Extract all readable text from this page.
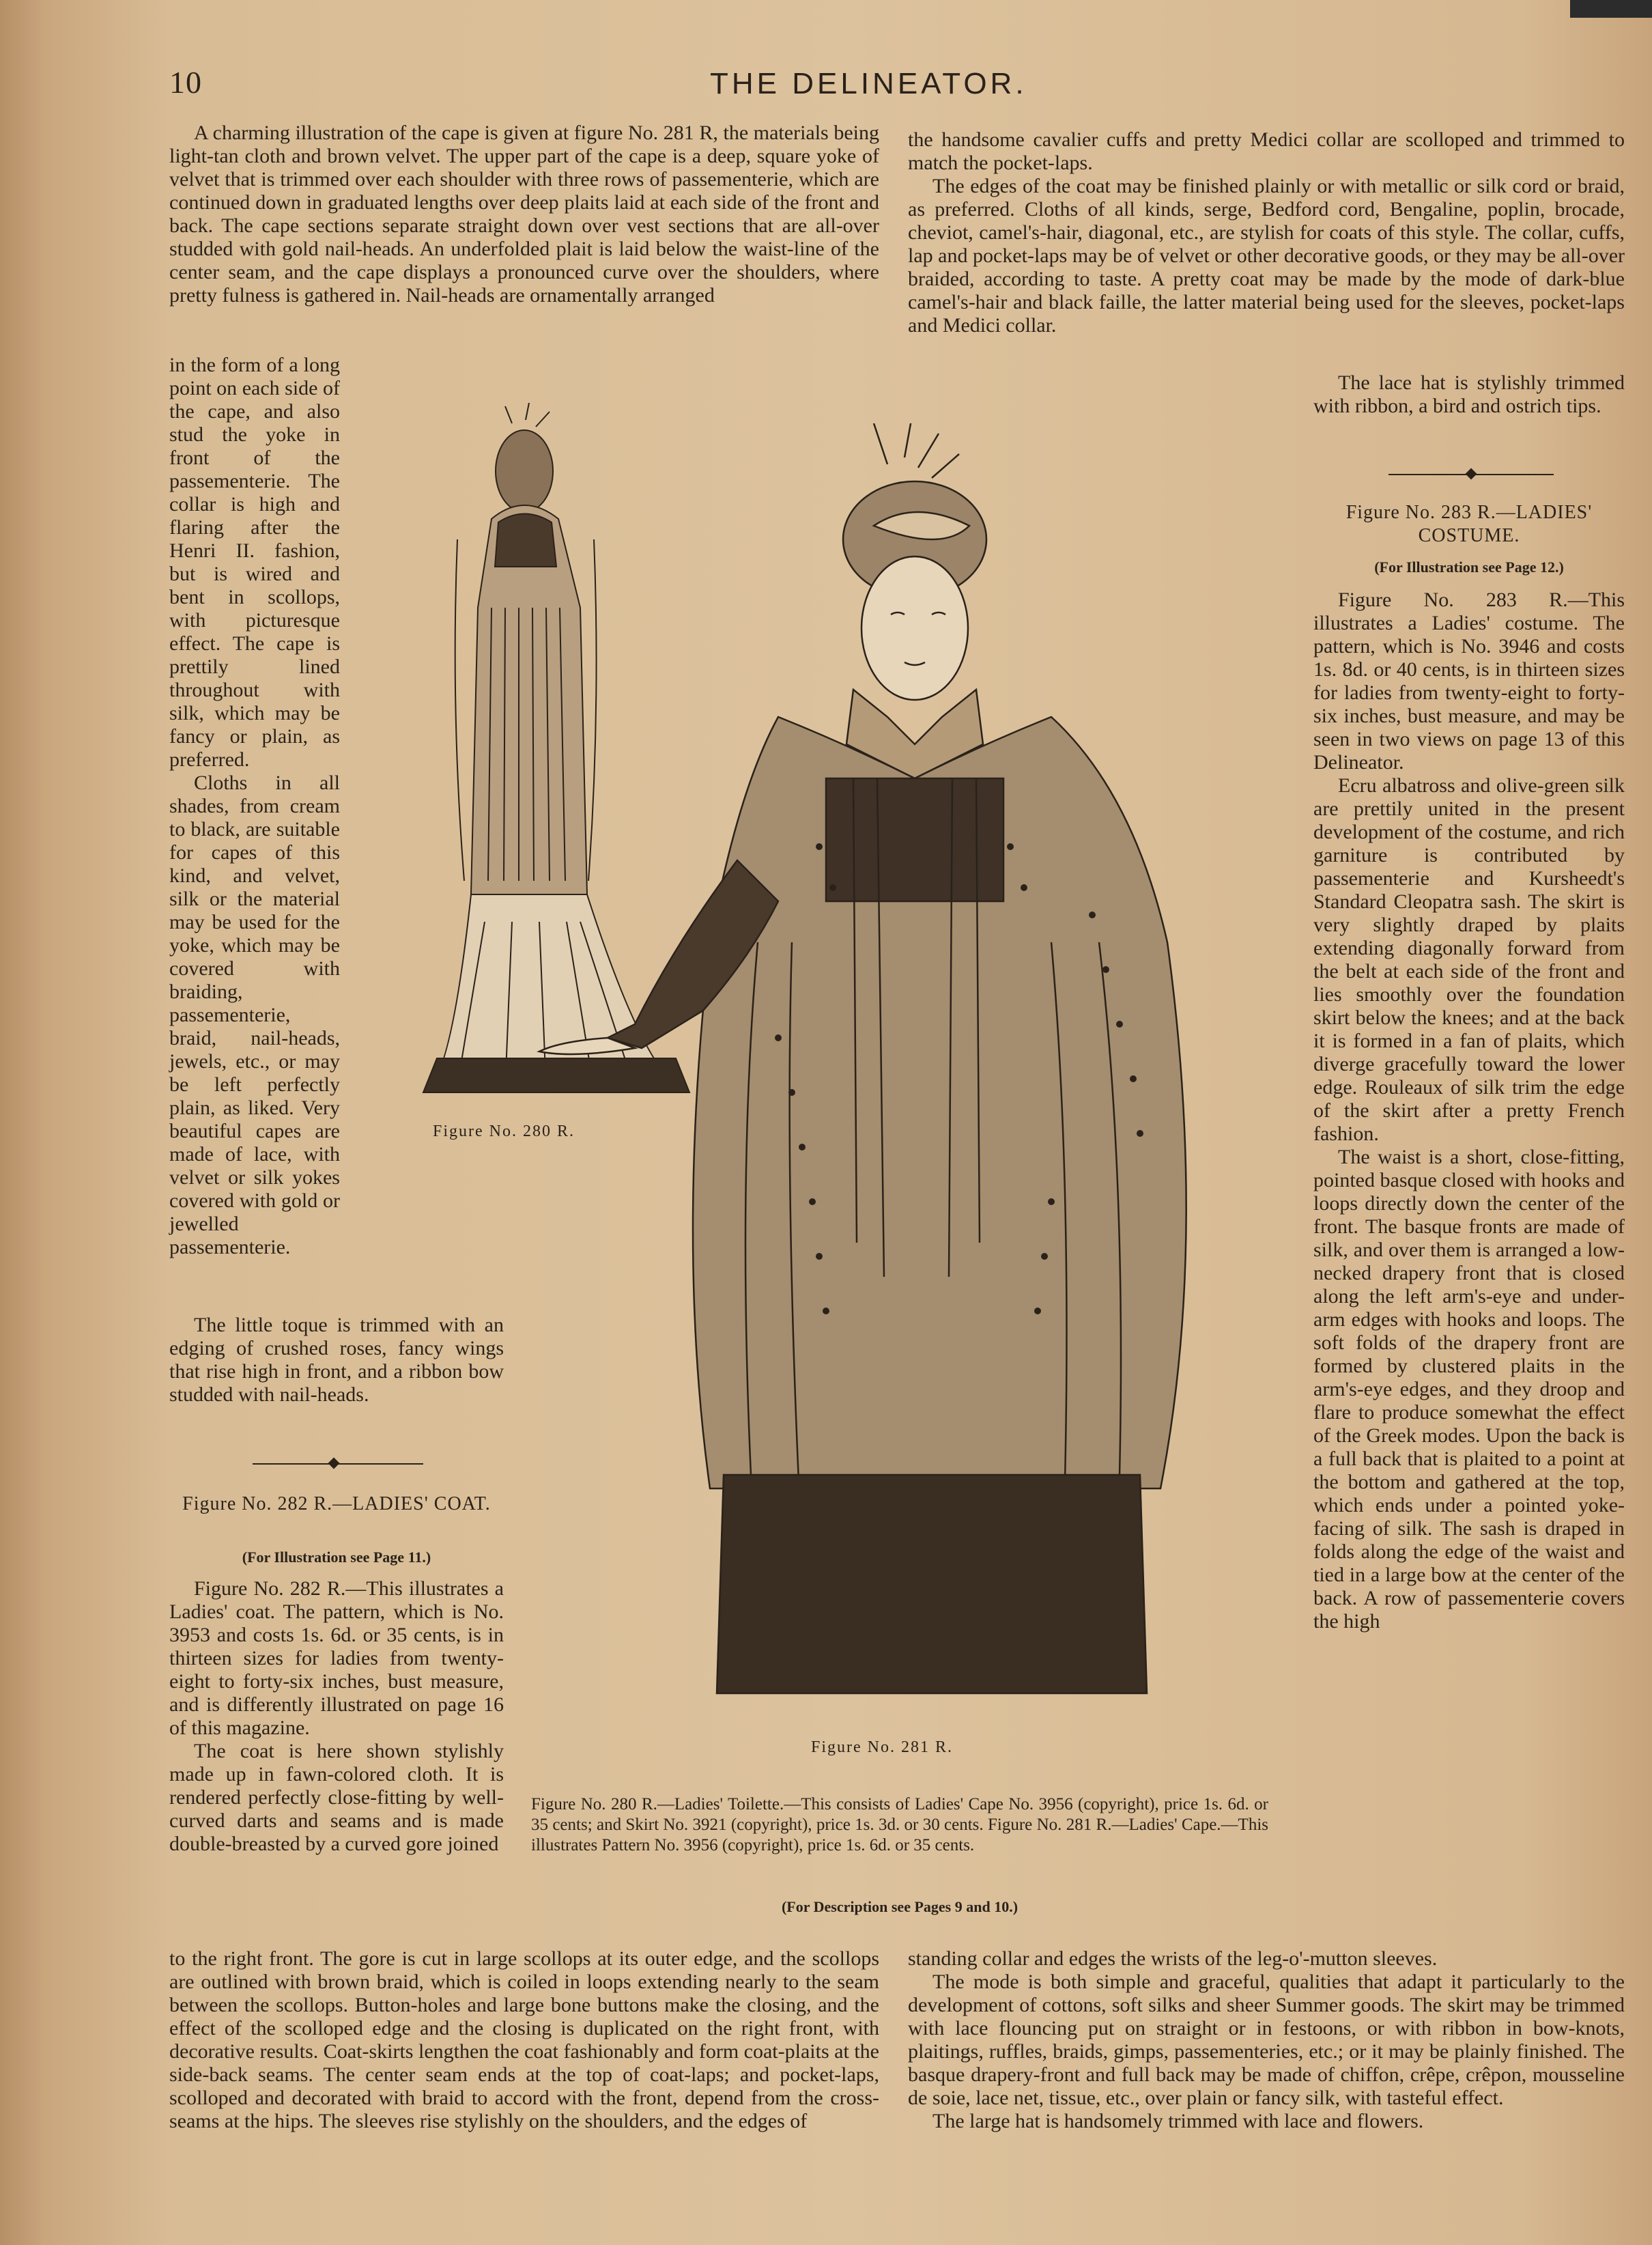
10	THE DELINEATOR.

A charming illustration of the cape is given at figure No. 281 R, the materials being light-tan cloth and brown velvet. The upper part of the cape is a deep, square yoke of velvet that is trimmed over each shoulder with three rows of passementerie, which are continued down in graduated lengths over deep plaits laid at each side of the front and back. The cape sections separate straight down over vest sections that are all-over studded with gold nail-heads. An underfolded plait is laid below the waist-line of the center seam, and the cape displays a pronounced curve over the shoulders, where pretty fulness is gathered in. Nail-heads are ornamentally arranged

in the form of a long point on each side of the cape, and also stud the yoke in front of the passementerie. The collar is high and flaring after the Henri II. fashion, but is wired and bent in scollops, with picturesque effect. The cape is prettily lined throughout with silk, which may be fancy or plain, as preferred.

Cloths in all shades, from cream to black, are suitable for capes of this kind, and velvet, silk or the material may be used for the yoke, which may be covered with braiding, passementerie, braid, nail-heads, jewels, etc., or may be left perfectly plain, as liked. Very beautiful capes are made of lace, with velvet or silk yokes covered with gold or jewelled passementerie.

The little toque is trimmed with an edging of crushed roses, fancy wings that rise high in front, and a ribbon bow studded with nail-heads.

Figure No. 282 R.—LADIES' COAT.
(For Illustration see Page 11.)

Figure No. 282 R.—This illustrates a Ladies' coat. The pattern, which is No. 3953 and costs 1s. 6d. or 35 cents, is in thirteen sizes for ladies from twenty-eight to forty-six inches, bust measure, and is differently illustrated on page 16 of this magazine.

The coat is here shown stylishly made up in fawn-colored cloth. It is rendered perfectly close-fitting by well-curved darts and seams and is made double-breasted by a curved gore joined

to the right front. The gore is cut in large scollops at its outer edge, and the scollops are outlined with brown braid, which is coiled in loops extending nearly to the seam between the scollops. Button-holes and large bone buttons make the closing, and the effect of the scolloped edge and the closing is duplicated on the right front, with decorative results. Coat-skirts lengthen the coat fashionably and form coat-plaits at the side-back seams. The center seam ends at the top of coat-laps; and pocket-laps, scolloped and decorated with braid to accord with the front, depend from the cross-seams at the hips. The sleeves rise stylishly on the shoulders, and the edges of

the handsome cavalier cuffs and pretty Medici collar are scolloped and trimmed to match the pocket-laps.

The edges of the coat may be finished plainly or with metallic or silk cord or braid, as preferred. Cloths of all kinds, serge, Bedford cord, Bengaline, poplin, brocade, cheviot, camel's-hair, diagonal, etc., are stylish for coats of this style. The collar, cuffs, lap and pocket-laps may be of velvet or other decorative goods, or they may be all-over braided, according to taste. A pretty coat may be made by the mode of dark-blue camel's-hair and black faille, the latter material being used for the sleeves, pocket-laps and Medici collar.

The lace hat is stylishly trimmed with ribbon, a bird and ostrich tips.

Figure No. 283 R.—LADIES' COSTUME.
(For Illustration see Page 12.)

Figure No. 283 R.—This illustrates a Ladies' costume. The pattern, which is No. 3946 and costs 1s. 8d. or 40 cents, is in thirteen sizes for ladies from twenty-eight to forty-six inches, bust measure, and may be seen in two views on page 13 of this Delineator.

Ecru albatross and olive-green silk are prettily united in the present development of the costume, and rich garniture is contributed by passementerie and Kursheedt's Standard Cleopatra sash. The skirt is very slightly draped by plaits extending diagonally forward from the belt at each side of the front and lies smoothly over the foundation skirt below the knees; and at the back it is formed in a fan of plaits, which diverge gracefully toward the lower edge. Rouleaux of silk trim the edge of the skirt after a pretty French fashion.

The waist is a short, close-fitting, pointed basque closed with hooks and loops directly down the center of the front. The basque fronts are made of silk, and over them is arranged a low-necked drapery front that is closed along the left arm's-eye and under-arm edges with hooks and loops. The soft folds of the drapery front are formed by clustered plaits in the arm's-eye edges, and they droop and flare to produce somewhat the effect of the Greek modes. Upon the back is a full back that is plaited to a point at the bottom and gathered at the top, which ends under a pointed yoke-facing of silk. The sash is draped in folds along the edge of the waist and tied in a large bow at the center of the back. A row of passementerie covers the high

standing collar and edges the wrists of the leg-o'-mutton sleeves.

The mode is both simple and graceful, qualities that adapt it particularly to the development of cottons, soft silks and sheer Summer goods. The skirt may be trimmed with lace flouncing put on straight or in festoons, or with ribbon in bow-knots, plaitings, ruffles, braids, gimps, passementeries, etc.; or it may be plainly finished. The basque drapery-front and full back may be made of chiffon, crêpe, crêpon, mousseline de soie, lace net, tissue, etc., over plain or fancy silk, with tasteful effect.

The large hat is handsomely trimmed with lace and flowers.

Figure No. 280 R.
Figure No. 281 R.

Figure No. 280 R.—Ladies' Toilette.—This consists of Ladies' Cape No. 3956 (copyright), price 1s. 6d. or 35 cents; and Skirt No. 3921 (copyright), price 1s. 3d. or 30 cents. Figure No. 281 R.—Ladies' Cape.—This illustrates Pattern No. 3956 (copyright), price 1s. 6d. or 35 cents.

(For Description see Pages 9 and 10.)
